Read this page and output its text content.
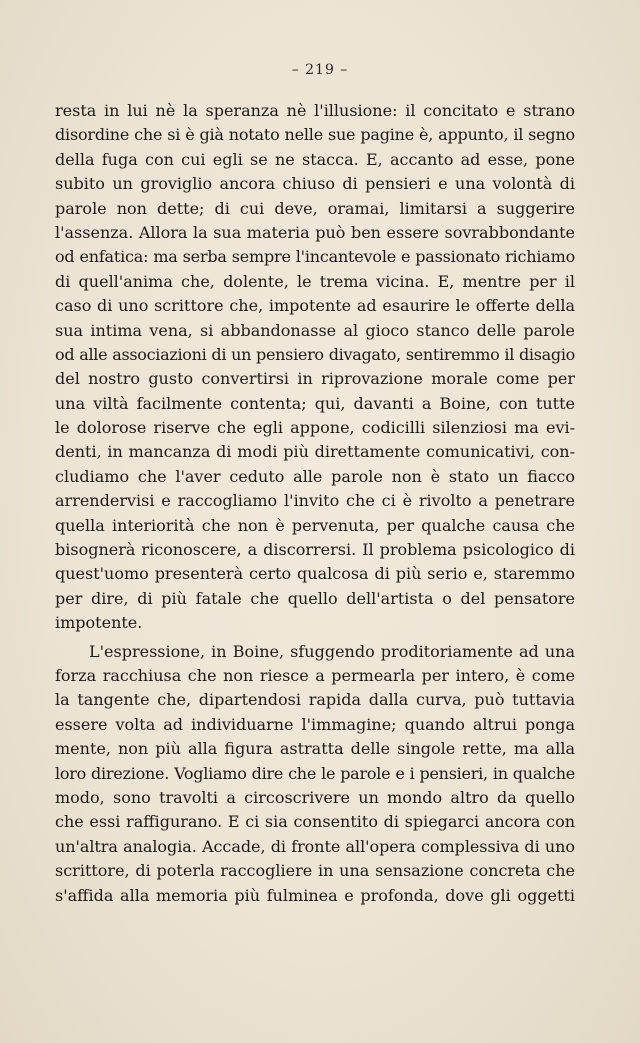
– 219 –
resta in lui nè la speranza nè l'illusione: il concitato e strano
disordine che si è già notato nelle sue pagine è, appunto, il segno
della fuga con cui egli se ne stacca. E, accanto ad esse, pone
subito un groviglio ancora chiuso di pensieri e una volontà di
parole non dette; di cui deve, oramai, limitarsi a suggerire
l'assenza. Allora la sua materia può ben essere sovrabbondante
od enfatica: ma serba sempre l'incantevole e passionato richiamo
di quell'anima che, dolente, le trema vicina. E, mentre per il
caso di uno scrittore che, impotente ad esaurire le offerte della
sua intima vena, si abbandonasse al gioco stanco delle parole
od alle associazioni di un pensiero divagato, sentiremmo il disagio
del nostro gusto convertirsi in riprovazione morale come per
una viltà facilmente contenta; qui, davanti a Boine, con tutte
le dolorose riserve che egli appone, codicilli silenziosi ma evi-
denti, in mancanza di modi più direttamente comunicativi, con-
cludiamo che l'aver ceduto alle parole non è stato un fiacco
arrendervisi e raccogliamo l'invito che ci è rivolto a penetrare
quella interiorità che non è pervenuta, per qualche causa che
bisognerà riconoscere, a discorrersi. Il problema psicologico di
quest'uomo presenterà certo qualcosa di più serio e, staremmo
per dire, di più fatale che quello dell'artista o del pensatore
impotente.
L'espressione, in Boine, sfuggendo proditoriamente ad una
forza racchiusa che non riesce a permearla per intero, è come
la tangente che, dipartendosi rapida dalla curva, può tuttavia
essere volta ad individuarne l'immagine; quando altrui ponga
mente, non più alla figura astratta delle singole rette, ma alla
loro direzione. Vogliamo dire che le parole e i pensieri, in qualche
modo, sono travolti a circoscrivere un mondo altro da quello
che essi raffigurano. E ci sia consentito di spiegarci ancora con
un'altra analogia. Accade, di fronte all'opera complessiva di uno
scrittore, di poterla raccogliere in una sensazione concreta che
s'affida alla memoria più fulminea e profonda, dove gli oggetti
